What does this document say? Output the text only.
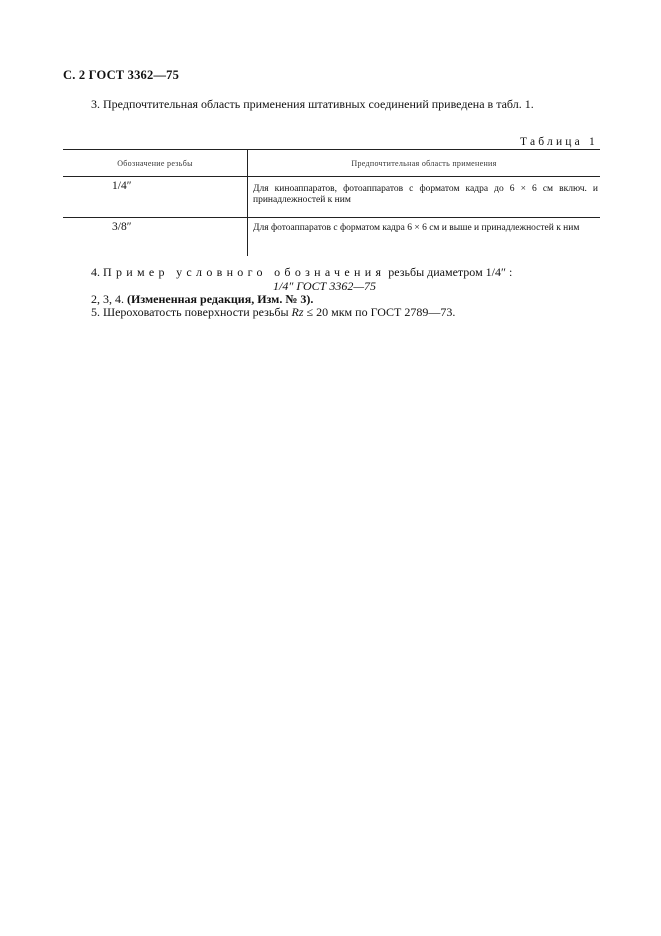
С. 2 ГОСТ 3362—75
3. Предпочтительная область применения штативных соединений приведена в табл. 1.
Таблица 1
Обозначение резьбы	Предпочтительная область применения
1/4″	Для киноаппаратов, фотоаппаратов с форматом кадра до 6 × 6 см включ. и принадлежностей к ним
3/8″	Для фотоаппаратов с форматом кадра 6 × 6 см и выше и принадлежностей к ним
4. Пример условного обозначения резьбы диаметром 1/4″ :
1/4″ ГОСТ 3362—75
2, 3, 4. (Измененная редакция, Изм. № 3).
5. Шероховатость поверхности резьбы Rz ≤ 20 мкм по ГОСТ 2789—73.
